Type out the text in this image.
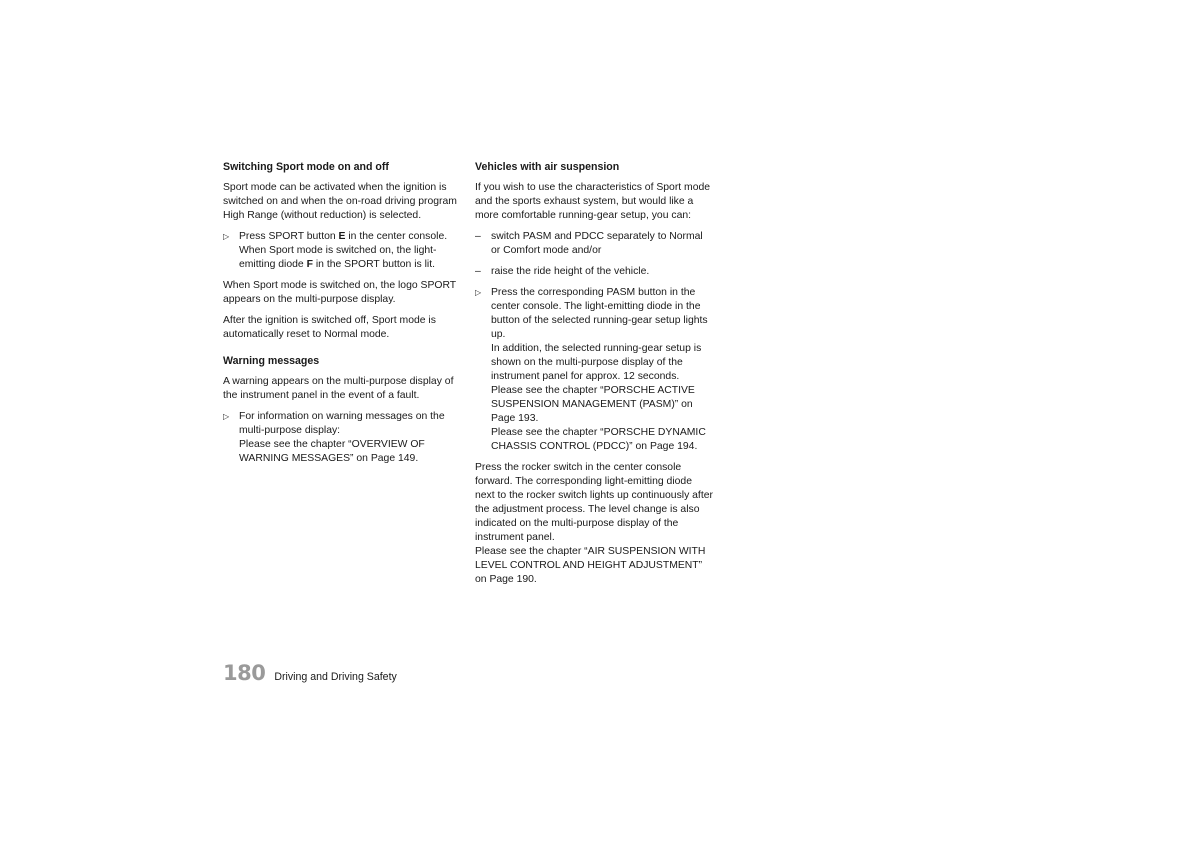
Switching Sport mode on and off
Sport mode can be activated when the ignition is switched on and when the on-road driving program High Range (without reduction) is selected.
▷ Press SPORT button E in the center console. When Sport mode is switched on, the light-emitting diode F in the SPORT button is lit.
When Sport mode is switched on, the logo SPORT appears on the multi-purpose display.
After the ignition is switched off, Sport mode is automatically reset to Normal mode.
Warning messages
A warning appears on the multi-purpose display of the instrument panel in the event of a fault.
▷ For information on warning messages on the multi-purpose display:
Please see the chapter “OVERVIEW OF WARNING MESSAGES” on Page 149.
Vehicles with air suspension
If you wish to use the characteristics of Sport mode and the sports exhaust system, but would like a more comfortable running-gear setup, you can:
– switch PASM and PDCC separately to Normal or Comfort mode and/or
– raise the ride height of the vehicle.
▷ Press the corresponding PASM button in the center console. The light-emitting diode in the button of the selected running-gear setup lights up.
In addition, the selected running-gear setup is shown on the multi-purpose display of the instrument panel for approx. 12 seconds.
Please see the chapter “PORSCHE ACTIVE SUSPENSION MANAGEMENT (PASM)” on Page 193.
Please see the chapter “PORSCHE DYNAMIC CHASSIS CONTROL (PDCC)” on Page 194.
Press the rocker switch in the center console forward. The corresponding light-emitting diode next to the rocker switch lights up continuously after the adjustment process. The level change is also indicated on the multi-purpose display of the instrument panel.
Please see the chapter “AIR SUSPENSION WITH LEVEL CONTROL AND HEIGHT ADJUSTMENT” on Page 190.
180 Driving and Driving Safety
